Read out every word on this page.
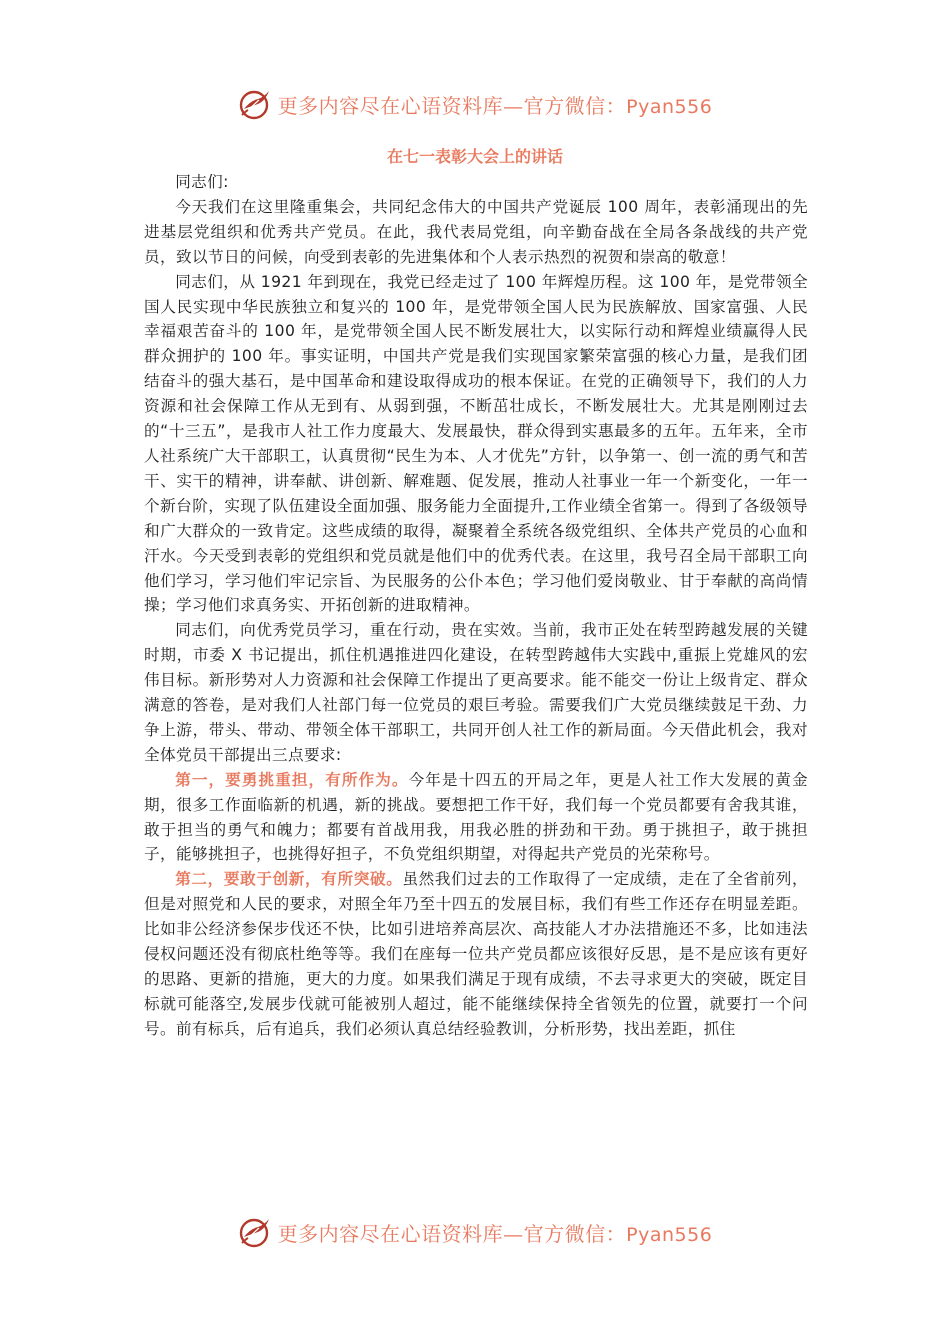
更多内容尽在心语资料库—官方微信：Pyan556
在七一表彰大会上的讲话

同志们:

今天我们在这里隆重集会，共同纪念伟大的中国共产党诞辰 100 周年，表彰涌现出的先进基层党组织和优秀共产党员。在此，我代表局党组，向辛勤奋战在全局各条战线的共产党员，致以节日的问候，向受到表彰的先进集体和个人表示热烈的祝贺和崇高的敬意！

同志们，从 1921 年到现在，我党已经走过了 100 年辉煌历程。这 100 年，是党带领全国人民实现中华民族独立和复兴的 100 年，是党带领全国人民为民族解放、国家富强、人民幸福艰苦奋斗的 100 年，是党带领全国人民不断发展壮大，以实际行动和辉煌业绩赢得人民群众拥护的 100 年。事实证明，中国共产党是我们实现国家繁荣富强的核心力量，是我们团结奋斗的强大基石，是中国革命和建设取得成功的根本保证。在党的正确领导下，我们的人力资源和社会保障工作从无到有、从弱到强，不断茁壮成长，不断发展壮大。尤其是刚刚过去的“十三五”，是我市人社工作力度最大、发展最快，群众得到实惠最多的五年。五年来，全市人社系统广大干部职工，认真贯彻“民生为本、人才优先”方针，以争第一、创一流的勇气和苦干、实干的精神，讲奉献、讲创新、解难题、促发展，推动人社事业一年一个新变化，一年一个新台阶，实现了队伍建设全面加强、服务能力全面提升,工作业绩全省第一。得到了各级领导和广大群众的一致肯定。这些成绩的取得，凝聚着全系统各级党组织、全体共产党员的心血和汗水。今天受到表彰的党组织和党员就是他们中的优秀代表。在这里，我号召全局干部职工向他们学习，学习他们牢记宗旨、为民服务的公仆本色；学习他们爱岗敬业、甘于奉献的高尚情操；学习他们求真务实、开拓创新的进取精神。

同志们，向优秀党员学习，重在行动，贵在实效。当前，我市正处在转型跨越发展的关键时期，市委 X 书记提出，抓住机遇推进四化建设，在转型跨越伟大实践中,重振上党雄风的宏伟目标。新形势对人力资源和社会保障工作提出了更高要求。能不能交一份让上级肯定、群众满意的答卷，是对我们人社部门每一位党员的艰巨考验。需要我们广大党员继续鼓足干劲、力争上游，带头、带动、带领全体干部职工，共同开创人社工作的新局面。今天借此机会，我对全体党员干部提出三点要求:

第一，要勇挑重担，有所作为。今年是十四五的开局之年，更是人社工作大发展的黄金期，很多工作面临新的机遇，新的挑战。要想把工作干好，我们每一个党员都要有舍我其谁，敢于担当的勇气和魄力；都要有首战用我，用我必胜的拼劲和干劲。勇于挑担子，敢于挑担子，能够挑担子，也挑得好担子，不负党组织期望，对得起共产党员的光荣称号。

第二，要敢于创新，有所突破。虽然我们过去的工作取得了一定成绩，走在了全省前列，但是对照党和人民的要求，对照全年乃至十四五的发展目标，我们有些工作还存在明显差距。比如非公经济参保步伐还不快，比如引进培养高层次、高技能人才办法措施还不多，比如违法侵权问题还没有彻底杜绝等等。我们在座每一位共产党员都应该很好反思，是不是应该有更好的思路、更新的措施，更大的力度。如果我们满足于现有成绩，不去寻求更大的突破，既定目标就可能落空,发展步伐就可能被别人超过，能不能继续保持全省领先的位置，就要打一个问号。前有标兵，后有追兵，我们必须认真总结经验教训，分析形势，找出差距，抓住

更多内容尽在心语资料库—官方微信：Pyan556
